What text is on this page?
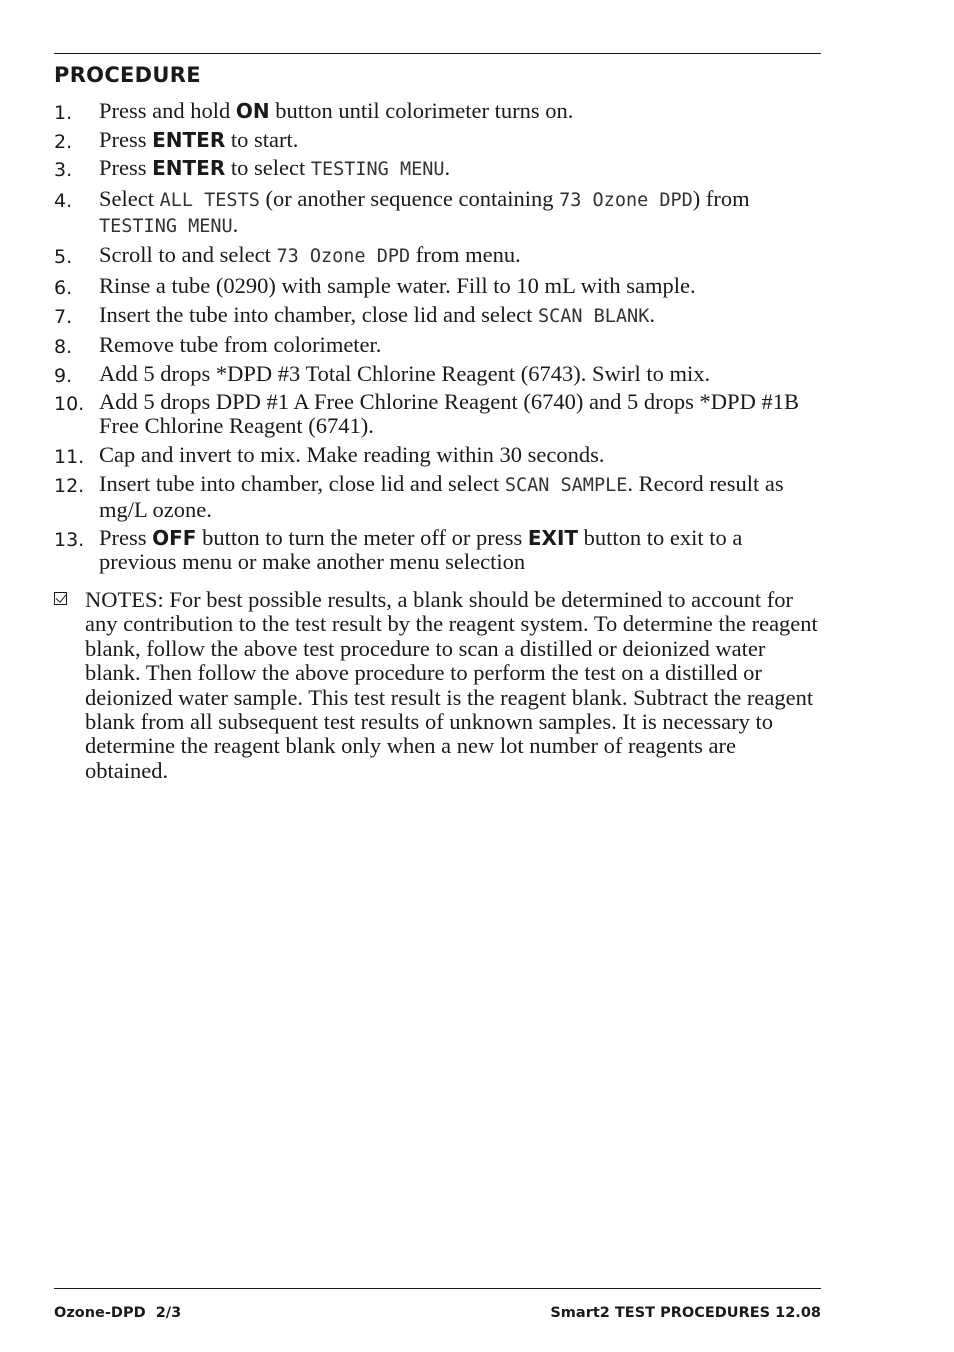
PROCEDURE
1. Press and hold ON button until colorimeter turns on.
2. Press ENTER to start.
3. Press ENTER to select TESTING MENU.
4. Select ALL TESTS (or another sequence containing 73 Ozone DPD) from TESTING MENU.
5. Scroll to and select 73 Ozone DPD from menu.
6. Rinse a tube (0290) with sample water. Fill to 10 mL with sample.
7. Insert the tube into chamber, close lid and select SCAN BLANK.
8. Remove tube from colorimeter.
9. Add 5 drops *DPD #3 Total Chlorine Reagent (6743). Swirl to mix.
10. Add 5 drops DPD #1 A Free Chlorine Reagent (6740) and 5 drops *DPD #1B Free Chlorine Reagent (6741).
11. Cap and invert to mix. Make reading within 30 seconds.
12. Insert tube into chamber, close lid and select SCAN SAMPLE. Record result as mg/L ozone.
13. Press OFF button to turn the meter off or press EXIT button to exit to a previous menu or make another menu selection
NOTES: For best possible results, a blank should be determined to account for any contribution to the test result by the reagent system. To determine the reagent blank, follow the above test procedure to scan a distilled or deionized water blank. Then follow the above procedure to perform the test on a distilled or deionized water sample. This test result is the reagent blank. Subtract the reagent blank from all subsequent test results of unknown samples. It is necessary to determine the reagent blank only when a new lot number of reagents are obtained.
Ozone-DPD  2/3	Smart2 TEST PROCEDURES 12.08
